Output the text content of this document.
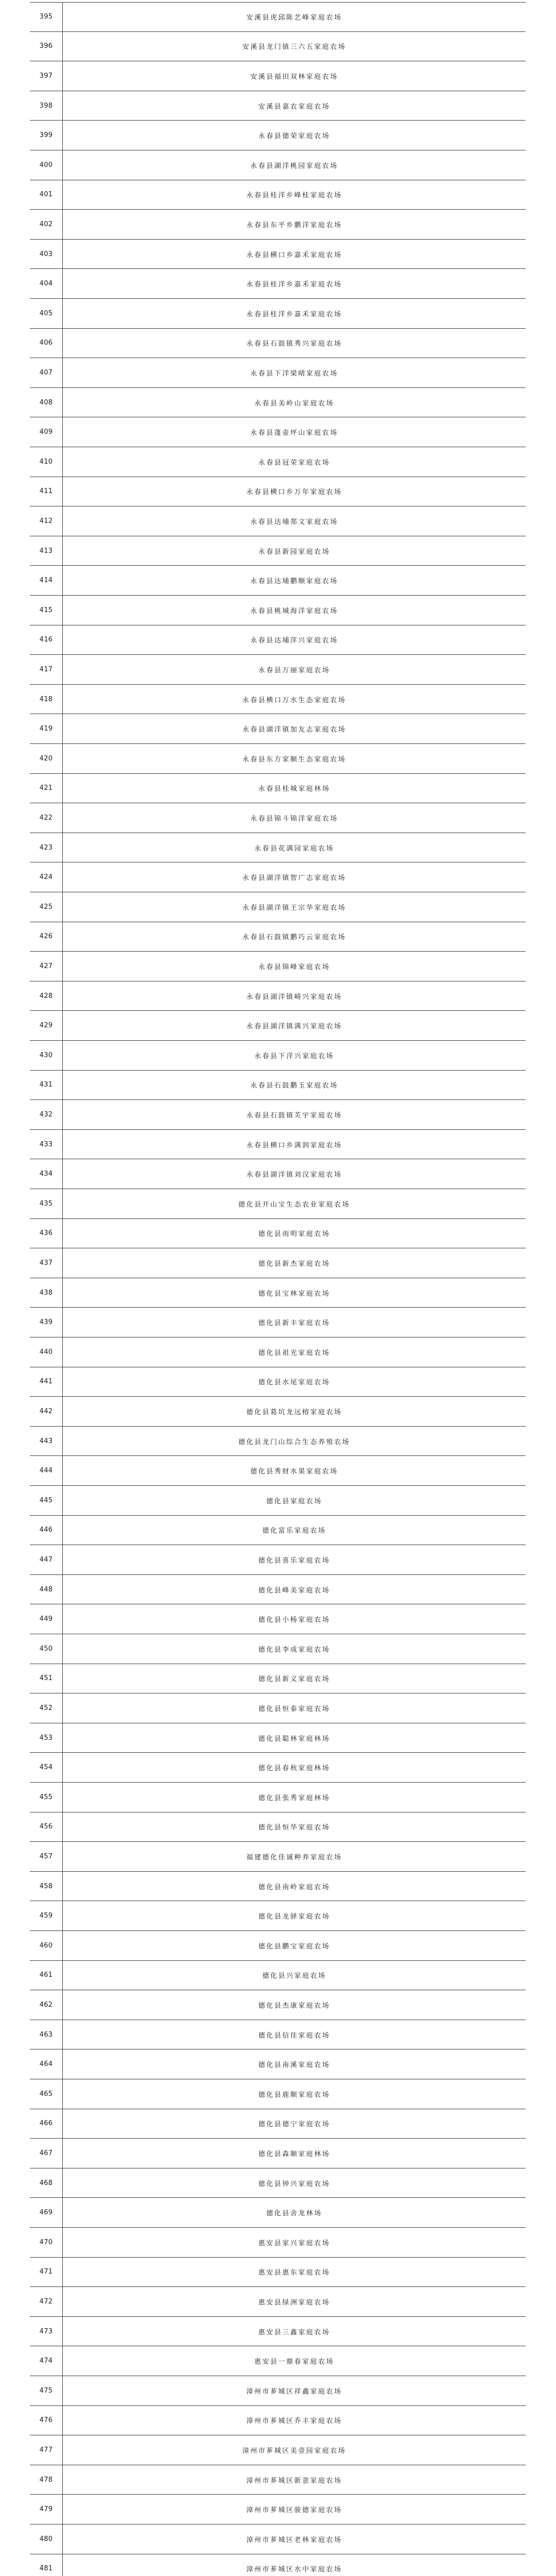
395	安溪县虎邱陈艺峰家庭农场
396	安溪县龙门镇三六五家庭农场
397	安溪县福田双林家庭农场
398	安溪县嘉农家庭农场
399	永春县德荣家庭农场
400	永春县湖洋桃园家庭农场
401	永春县桂洋乡峰桂家庭农场
402	永春县东平乡鹏洋家庭农场
403	永春县横口乡嘉禾家庭农场
404	永春县桂洋乡嘉禾家庭农场
405	永春县桂洋乡嘉禾家庭农场
406	永春县石鼓镇秀兴家庭农场
407	永春县下洋梁晴家庭农场
408	永春县美岭山家庭农场
409	永春县蓬壶坪山家庭农场
410	永春县冠荣家庭农场
411	永春县横口乡万年家庭农场
412	永春县达埔郑文家庭农场
413	永春县新园家庭农场
414	永春县达埔鹏顺家庭农场
415	永春县桃城海洋家庭农场
416	永春县达埔萍兴家庭农场
417	永春县万丽家庭农场
418	永春县横口万水生态家庭农场
419	永春县湖洋镇加友志家庭农场
420	永春县东方家顺生态家庭农场
421	永春县桂城家庭林场
422	永春县锦斗锦洋家庭农场
423	永春县花满园家庭农场
424	永春县湖洋镇智广志家庭农场
425	永春县湖洋镇王宗华家庭农场
426	永春县石鼓镇鹏巧云家庭农场
427	永春县锦峰家庭农场
428	永春县湖洋镇崎兴家庭农场
429	永春县湖洋镇满兴家庭农场
430	永春县下洋兴家庭农场
431	永春县石鼓鹏玉家庭农场
432	永春县石鼓镇芙宇家庭农场
433	永春县横口乡满润家庭农场
434	永春县湖洋镇刘汉家庭农场
435	德化县开山宝生态农业家庭农场
436	德化县雨明家庭农场
437	德化县新杰家庭农场
438	德化县宝林家庭农场
439	德化县新丰家庭农场
440	德化县祖光家庭农场
441	德化县水尾家庭农场
442	德化县葛坑龙远榕家庭农场
443	德化县龙门山综合生态养殖农场
444	德化县秀财水果家庭农场
445	德化县家庭农场
446	德化富乐家庭农场
447	德化县喜乐家庭农场
448	德化县峰美家庭农场
449	德化县小杨家庭农场
450	德化县李成家庭农场
451	德化县新义家庭农场
452	德化县恒泰家庭农场
453	德化县聪林家庭林场
454	德化县春秋家庭林场
455	德化县张秀家庭林场
456	德化县恒华家庭农场
457	福建德化佳诚种养家庭农场
458	德化县南岭家庭农场
459	德化县龙驿家庭农场
460	德化县鹏宝家庭农场
461	德化县兴家庭农场
462	德化县杰康家庭农场
463	德化县信佳家庭农场
464	德化县南溪家庭农场
465	德化县鹿顺家庭农场
466	德化县德宁家庭农场
467	德化县森顺家庭林场
468	德化县钟兴家庭农场
469	德化县舍龙林场
470	惠安县家兴家庭农场
471	惠安县惠东家庭农场
472	惠安县绿洲家庭农场
473	惠安县三鑫家庭农场
474	惠安县一鼎春家庭农场
475	漳州市芗城区祥鑫家庭农场
476	漳州市芗城区乔丰家庭农场
477	漳州市芗城区美壹园家庭农场
478	漳州市芗城区新意家庭农场
479	漳州市芗城区骏德家庭农场
480	漳州市芗城区老林家庭农场
481	漳州市芗城区水中家庭农场
